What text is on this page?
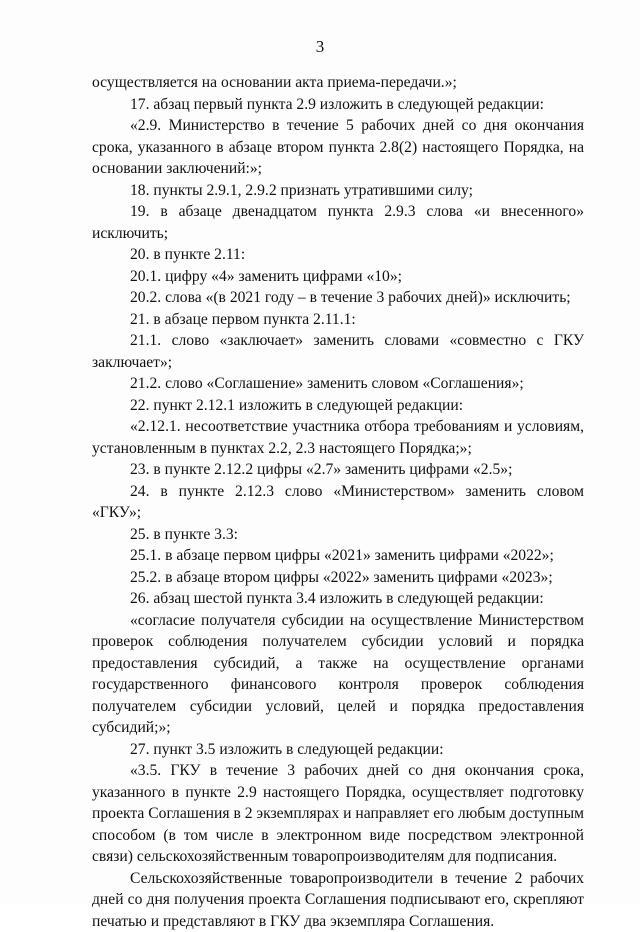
3

осуществляется на основании акта приема-передачи.»;

17. абзац первый пункта 2.9 изложить в следующей редакции:

«2.9. Министерство в течение 5 рабочих дней со дня окончания срока, указанного в абзаце втором пункта 2.8(2) настоящего Порядка, на основании заключений:»;

18. пункты 2.9.1, 2.9.2 признать утратившими силу;

19. в абзаце двенадцатом пункта 2.9.3 слова «и внесенного» исключить;

20. в пункте 2.11:

20.1. цифру «4» заменить цифрами «10»;

20.2. слова «(в 2021 году – в течение 3 рабочих дней)» исключить;

21. в абзаце первом пункта 2.11.1:

21.1. слово «заключает» заменить словами «совместно с ГКУ заключает»;

21.2. слово «Соглашение» заменить словом «Соглашения»;

22. пункт 2.12.1 изложить в следующей редакции:

«2.12.1. несоответствие участника отбора требованиям и условиям, установленным в пунктах 2.2, 2.3 настоящего Порядка;»;

23. в пункте 2.12.2 цифры «2.7» заменить цифрами «2.5»;

24. в пункте 2.12.3 слово «Министерством» заменить словом «ГКУ»;

25. в пункте 3.3:

25.1. в абзаце первом цифры «2021» заменить цифрами «2022»;

25.2. в абзаце втором цифры «2022» заменить цифрами «2023»;

26. абзац шестой пункта 3.4 изложить в следующей редакции:

«согласие получателя субсидии на осуществление Министерством проверок соблюдения получателем субсидии условий и порядка предоставления субсидий, а также на осуществление органами государственного финансового контроля проверок соблюдения получателем субсидии условий, целей и порядка предоставления субсидий;»;

27. пункт 3.5 изложить в следующей редакции:

«3.5. ГКУ в течение 3 рабочих дней со дня окончания срока, указанного в пункте 2.9 настоящего Порядка, осуществляет подготовку проекта Соглашения в 2 экземплярах и направляет его любым доступным способом (в том числе в электронном виде посредством электронной связи) сельскохозяйственным товаропроизводителям для подписания.

Сельскохозяйственные товаропроизводители в течение 2 рабочих дней со дня получения проекта Соглашения подписывают его, скрепляют печатью и представляют в ГКУ два экземпляра Соглашения.
